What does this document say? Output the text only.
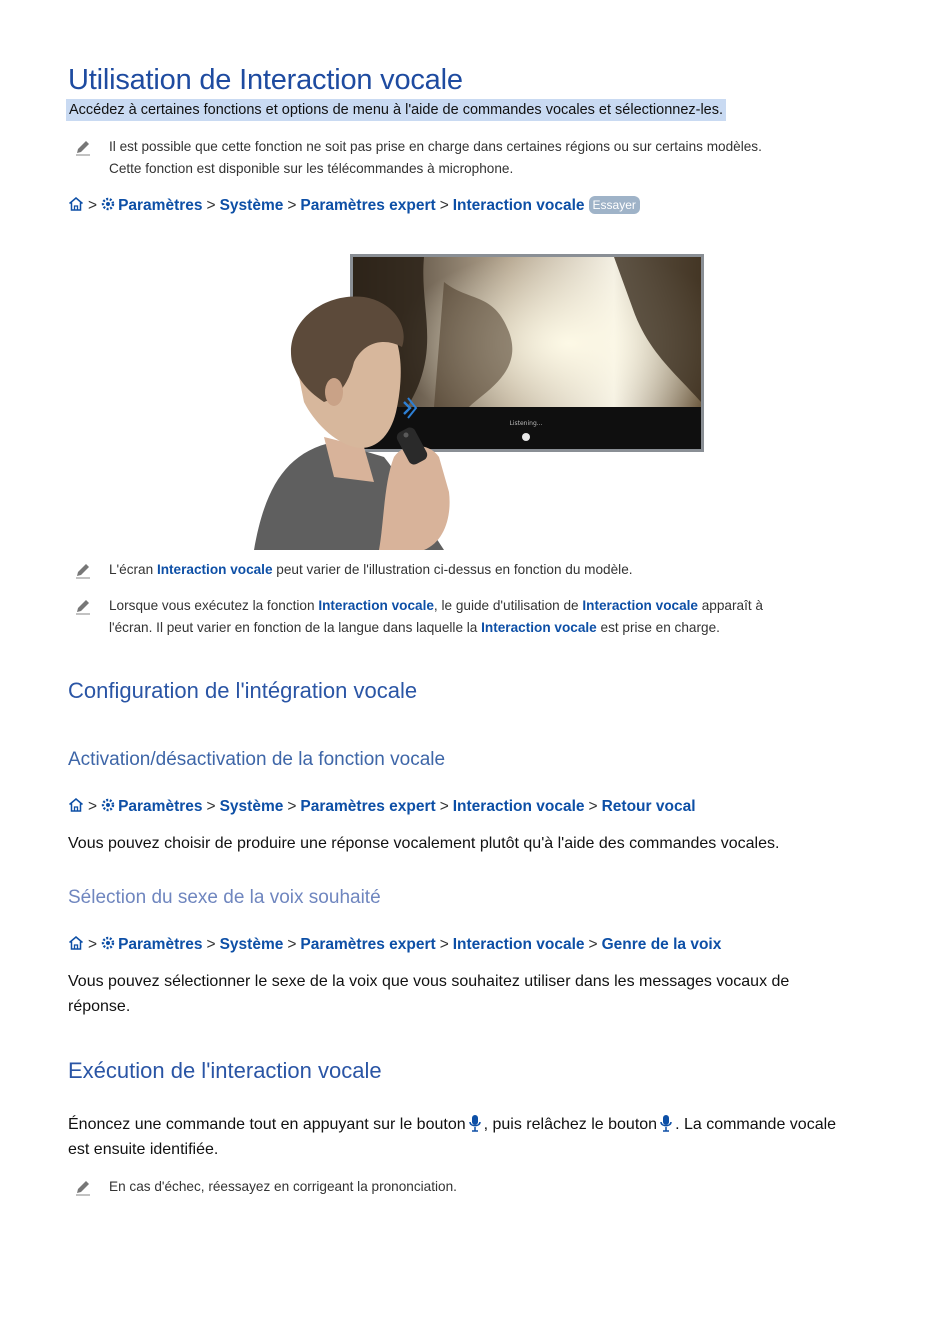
Utilisation de Interaction vocale
Accédez à certaines fonctions et options de menu à l'aide de commandes vocales et sélectionnez-les.
Il est possible que cette fonction ne soit pas prise en charge dans certaines régions ou sur certains modèles.
Cette fonction est disponible sur les télécommandes à microphone.
> Paramètres > Système > Paramètres expert > Interaction vocale Essayer
Listening...
L'écran Interaction vocale peut varier de l'illustration ci-dessus en fonction du modèle.
Lorsque vous exécutez la fonction Interaction vocale, le guide d'utilisation de Interaction vocale apparaît à
l'écran. Il peut varier en fonction de la langue dans laquelle la Interaction vocale est prise en charge.
Configuration de l'intégration vocale
Activation/désactivation de la fonction vocale
> Paramètres > Système > Paramètres expert > Interaction vocale > Retour vocal
Vous pouvez choisir de produire une réponse vocalement plutôt qu'à l'aide des commandes vocales.
Sélection du sexe de la voix souhaité
> Paramètres > Système > Paramètres expert > Interaction vocale > Genre de la voix
Vous pouvez sélectionner le sexe de la voix que vous souhaitez utiliser dans les messages vocaux de
réponse.
Exécution de l'interaction vocale
Énoncez une commande tout en appuyant sur le bouton , puis relâchez le bouton . La commande vocale
est ensuite identifiée.
En cas d'échec, réessayez en corrigeant la prononciation.
